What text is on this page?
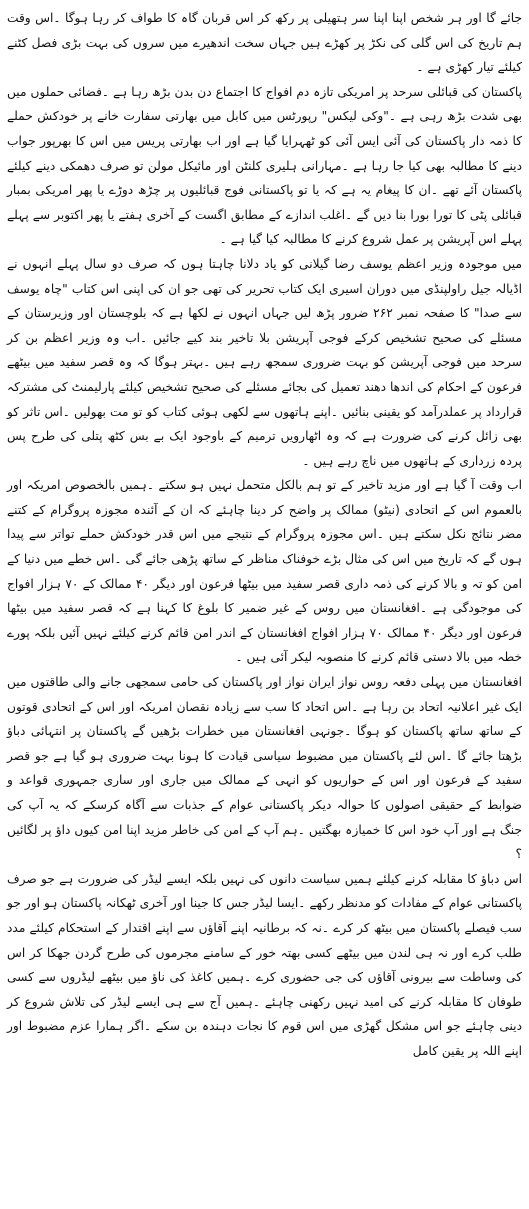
جائے گا اور ہر شخص اپنا اپنا سر ہتھیلی پر رکھ کر اس قربان گاہ کا طواف کر رہا ہوگا ۔اس وقت ہم تاریخ کی اس گلی کی نکڑ پر کھڑے ہیں جہاں سخت اندھیرے میں سروں کی بہت بڑی فصل کٹنے کیلئے تیار کھڑی ہے ۔

پاکستان کی قبائلی سرحد پر امریکی تازہ دم افواج کا اجتماع دن بدن بڑھ رہا ہے ۔فضائی حملوں میں بھی شدت بڑھ رہی ہے ۔"وکی لیکس" رپورٹس میں کابل میں بھارتی سفارت خانے پر خودکش حملے کا ذمہ دار پاکستان کی آئی ایس آئی کو ٹھہرایا گیا ہے اور اب بھارتی پریس میں اس کا بھرپور جواب دینے کا مطالبہ بھی کیا جا رہا ہے ۔مہارانی ہلیری کلنٹن اور مائیکل مولن تو صرف دھمکی دینے کیلئے پاکستان آئے تھے ۔ان کا پیغام یہ ہے کہ یا تو پاکستانی فوج قبائلیوں پر چڑھ دوڑے یا پھر امریکی بمبار قبائلی پٹی کا تورا بورا بنا دیں گے ۔اغلب اندازے کے مطابق اگست کے آخری ہفتے یا پھر اکتوبر سے پہلے پہلے اس آپریشن پر عمل شروع کرنے کا مطالبہ کیا گیا ہے ۔

میں موجودہ وزیر اعظم یوسف رضا گیلانی کو یاد دلانا چاہتا ہوں کہ صرف دو سال پہلے انہوں نے اڈیالہ جیل راولپنڈی میں دوران اسیری ایک کتاب تحریر کی تھی جو ان کی اپنی اس کتاب "چاہ یوسف سے صدا" کا صفحہ نمبر ۲۶۲ ضرور پڑھ لیں جہاں انہوں نے لکھا ہے کہ بلوچستان اور وزیرستان کے مسئلے کی صحیح تشخیص کرکے فوجی آپریشن بلا تاخیر بند کیے جائیں ۔اب وہ وزیر اعظم بن کر سرحد میں فوجی آپریشن کو بہت ضروری سمجھ رہے ہیں ۔بہتر ہوگا کہ وہ قصر سفید میں بیٹھے فرعون کے احکام کی اندھا دھند تعمیل کی بجائے مسئلے کی صحیح تشخیص کیلئے پارلیمنٹ کی مشترکہ قرارداد پر عملدرآمد کو یقینی بنائیں ۔اپنے ہاتھوں سے لکھی ہوئی کتاب کو تو مت بھولیں ۔اس تاثر کو بھی زائل کرنے کی ضرورت ہے کہ وہ اٹھارویں ترمیم کے باوجود ایک بے بس کٹھ پتلی کی طرح پس پردہ زرداری کے ہاتھوں میں ناچ رہے ہیں ۔

اب وقت آ گیا ہے اور مزید تاخیر کے تو ہم بالکل متحمل نہیں ہو سکتے ۔ہمیں بالخصوص امریکہ اور بالعموم اس کے اتحادی (نیٹو) ممالک پر واضح کر دینا چاہئے کہ ان کے آئندہ مجوزہ پروگرام کے کتنے مضر نتائج نکل سکتے ہیں ۔اس مجوزہ پروگرام کے نتیجے میں اس قدر خودکش حملے تواتر سے پیدا ہوں گے کہ تاریخ میں اس کی مثال بڑے خوفناک مناظر کے ساتھ پڑھی جائے گی ۔اس خطے میں دنیا کے امن کو تہ و بالا کرنے کی ذمہ داری قصر سفید میں بیٹھا فرعون اور دیگر ۴۰ ممالک کے ۷۰ ہزار افواج کی موجودگی ہے ۔افغانستان میں روس کے غیر ضمیر کا بلوغ کا کہنا ہے کہ قصر سفید میں بیٹھا فرعون اور دیگر ۴۰ ممالک ۷۰ ہزار افواج افغانستان کے اندر امن قائم کرنے کیلئے نہیں آئیں بلکہ پورے خطہ میں بالا دستی قائم کرنے کا منصوبہ لیکر آئی ہیں ۔

افغانستان میں پہلی دفعہ روس نواز ایران نواز اور پاکستان کی حامی سمجھی جانے والی طاقتوں میں ایک غیر اعلانیہ اتحاد بن رہا ہے ۔اس اتحاد کا سب سے زیادہ نقصان امریکہ اور اس کے اتحادی قوتوں کے ساتھ ساتھ پاکستان کو ہوگا ۔جونہی افغانستان میں خطرات بڑھیں گے پاکستان پر انتہائی دباؤ بڑھتا جائے گا ۔اس لئے پاکستان میں مضبوط سیاسی قیادت کا ہونا بہت ضروری ہو گیا ہے جو قصر سفید کے فرعون اور اس کے حواریوں کو انہی کے ممالک میں جاری اور ساری جمہوری قواعد و ضوابط کے حقیقی اصولوں کا حوالہ دیکر پاکستانی عوام کے جذبات سے آگاہ کرسکے کہ یہ آپ کی جنگ ہے اور آپ خود اس کا خمیازہ بھگتیں ۔ہم آپ کے امن کی خاطر مزید اپنا امن کیوں داؤ پر لگائیں ؟

اس دباؤ کا مقابلہ کرنے کیلئے ہمیں سیاست دانوں کی نہیں بلکہ ایسے لیڈر کی ضرورت ہے جو صرف پاکستانی عوام کے مفادات کو مدنظر رکھے ۔ایسا لیڈر جس کا جینا اور آخری ٹھکانہ پاکستان ہو اور جو سب فیصلے پاکستان میں بیٹھ کر کرے ۔نہ کہ برطانیہ اپنے آقاؤں سے اپنے اقتدار کے استحکام کیلئے مدد طلب کرے اور نہ ہی لندن میں بیٹھے کسی بھتہ خور کے سامنے مجرموں کی طرح گردن جھکا کر اس کی وساطت سے بیرونی آقاؤں کی جی حضوری کرے ۔ہمیں کاغذ کی ناؤ میں بیٹھے لیڈروں سے کسی طوفان کا مقابلہ کرنے کی امید نہیں رکھنی چاہئے ۔ہمیں آج سے ہی ایسے لیڈر کی تلاش شروع کر دینی چاہئے جو اس مشکل گھڑی میں اس قوم کا نجات دہندہ بن سکے ۔اگر ہمارا عزم مضبوط اور اپنے اللہ پر یقین کامل
